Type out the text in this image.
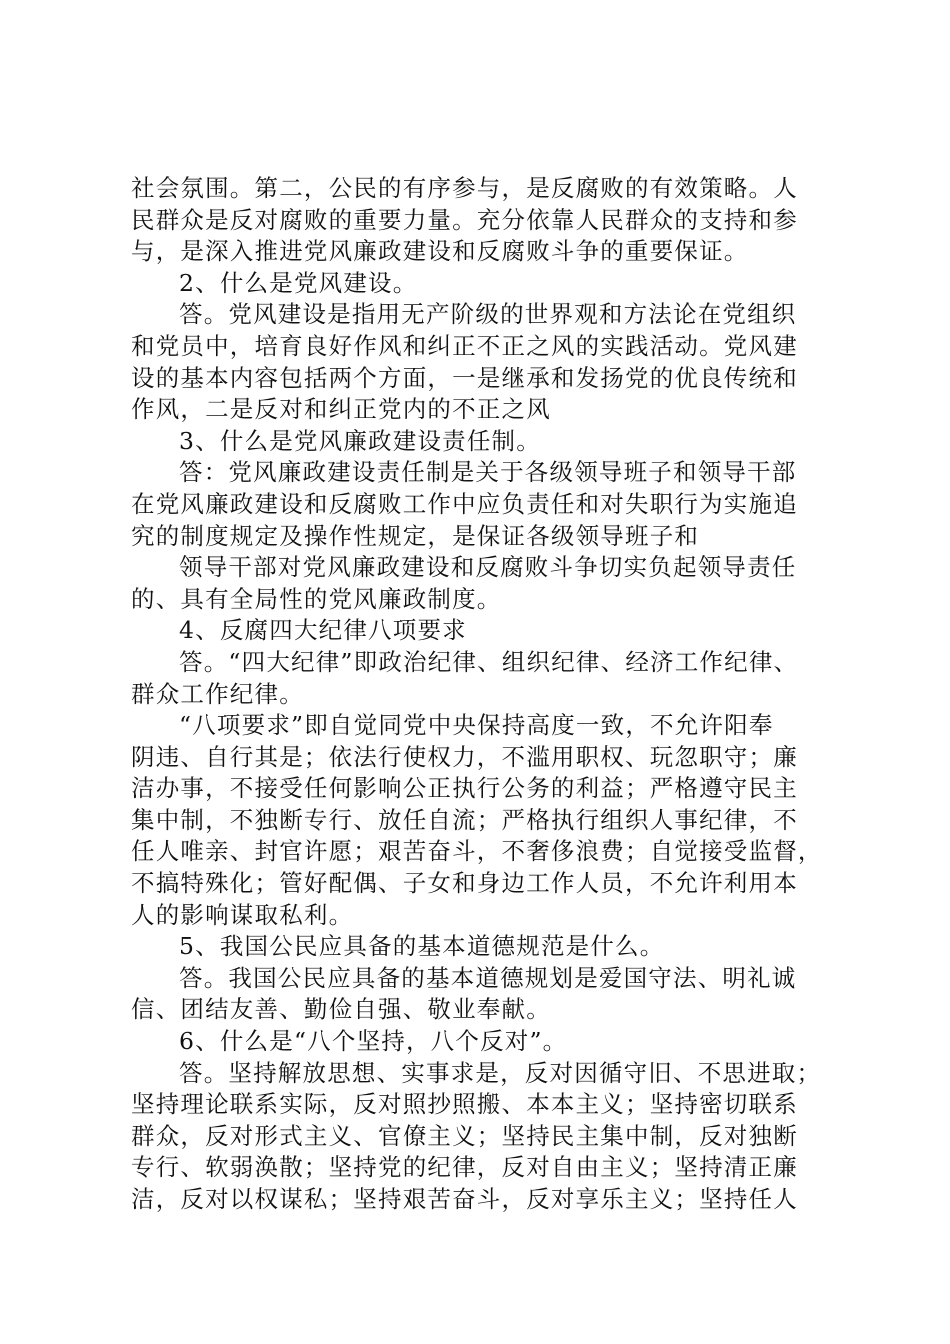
社会氛围。第二，公民的有序参与，是反腐败的有效策略。人
民群众是反对腐败的重要力量。充分依靠人民群众的支持和参
与，是深入推进党风廉政建设和反腐败斗争的重要保证。
2、什么是党风建设。
答。党风建设是指用无产阶级的世界观和方法论在党组织
和党员中，培育良好作风和纠正不正之风的实践活动。党风建
设的基本内容包括两个方面，一是继承和发扬党的优良传统和
作风，二是反对和纠正党内的不正之风
3、什么是党风廉政建设责任制。
答：党风廉政建设责任制是关于各级领导班子和领导干部
在党风廉政建设和反腐败工作中应负责任和对失职行为实施追
究的制度规定及操作性规定，是保证各级领导班子和
领导干部对党风廉政建设和反腐败斗争切实负起领导责任
的、具有全局性的党风廉政制度。
4、反腐四大纪律八项要求
答。“四大纪律”即政治纪律、组织纪律、经济工作纪律、
群众工作纪律。
“八项要求”即自觉同党中央保持高度一致，不允许阳奉
阴违、自行其是；依法行使权力，不滥用职权、玩忽职守；廉
洁办事，不接受任何影响公正执行公务的利益；严格遵守民主
集中制，不独断专行、放任自流；严格执行组织人事纪律，不
任人唯亲、封官许愿；艰苦奋斗，不奢侈浪费；自觉接受监督，
不搞特殊化；管好配偶、子女和身边工作人员，不允许利用本
人的影响谋取私利。
5、我国公民应具备的基本道德规范是什么。
答。我国公民应具备的基本道德规划是爱国守法、明礼诚
信、团结友善、勤俭自强、敬业奉献。
6、什么是“八个坚持，八个反对”。
答。坚持解放思想、实事求是，反对因循守旧、不思进取；
坚持理论联系实际，反对照抄照搬、本本主义；坚持密切联系
群众，反对形式主义、官僚主义；坚持民主集中制，反对独断
专行、软弱涣散；坚持党的纪律，反对自由主义；坚持清正廉
洁，反对以权谋私；坚持艰苦奋斗，反对享乐主义；坚持任人
